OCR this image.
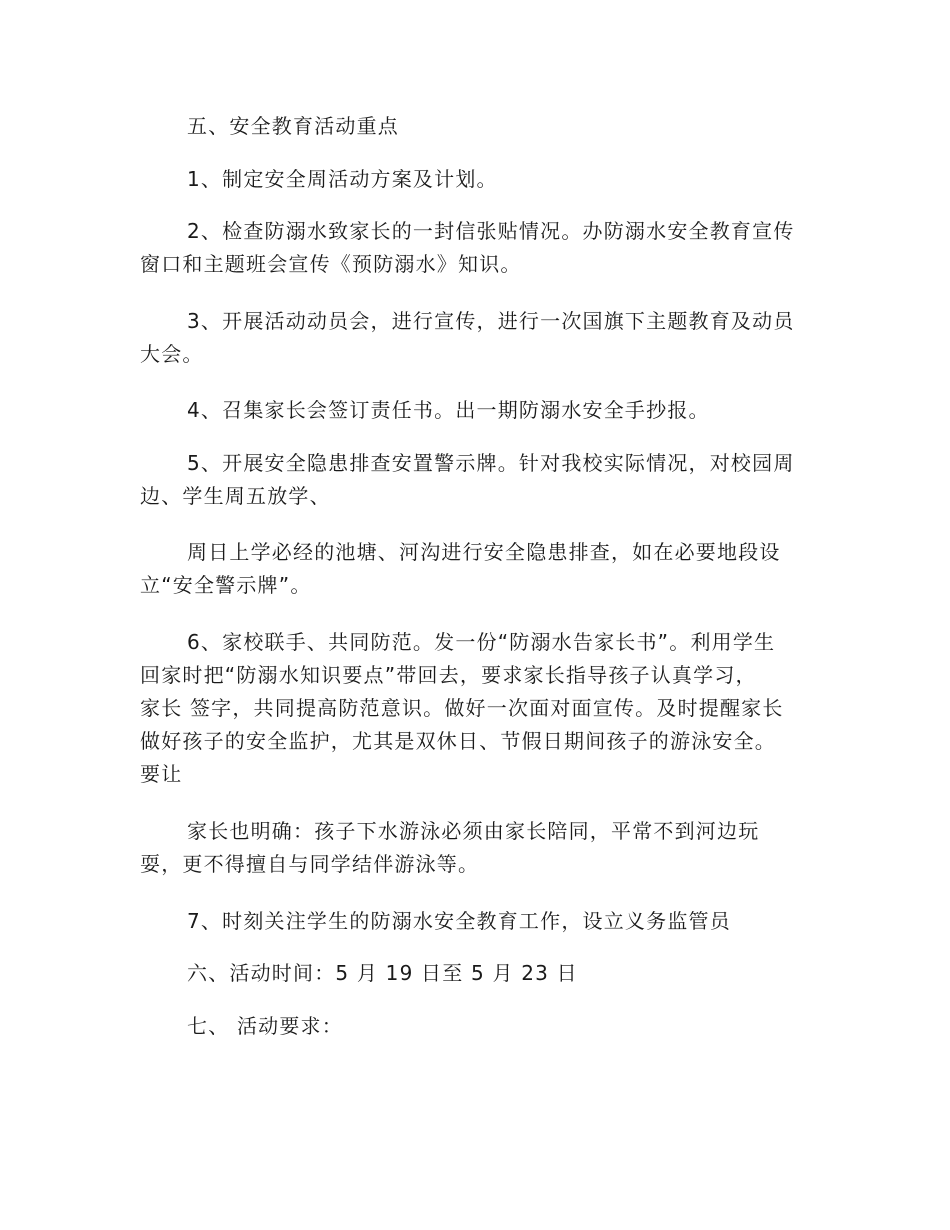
五、安全教育活动重点
1、制定安全周活动方案及计划。
2、检查防溺水致家长的一封信张贴情况。办防溺水安全教育宣传
窗口和主题班会宣传《预防溺水》知识。
3、开展活动动员会，进行宣传，进行一次国旗下主题教育及动员
大会。
4、召集家长会签订责任书。出一期防溺水安全手抄报。
5、开展安全隐患排查安置警示牌。针对我校实际情况，对校园周
边、学生周五放学、
周日上学必经的池塘、河沟进行安全隐患排查，如在必要地段设
立“安全警示牌”。
6、家校联手、共同防范。发一份“防溺水告家长书”。利用学生
回家时把“防溺水知识要点”带回去，要求家长指导孩子认真学习，
家长 签字，共同提高防范意识。做好一次面对面宣传。及时提醒家长
做好孩子的安全监护，尤其是双休日、节假日期间孩子的游泳安全。
要让
家长也明确：孩子下水游泳必须由家长陪同，平常不到河边玩
耍，更不得擅自与同学结伴游泳等。
7、时刻关注学生的防溺水安全教育工作，设立义务监管员
六、活动时间：5 月 19 日至 5 月 23 日
七、 活动要求：
